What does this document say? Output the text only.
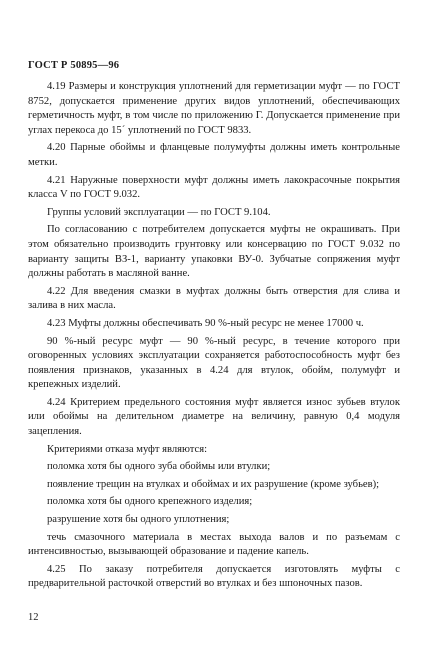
ГОСТ Р 50895—96

4.19 Размеры и конструкция уплотнений для герметизации муфт — по ГОСТ 8752, допускается применение других видов уплотнений, обеспечивающих герметичность муфт, в том числе по приложению Г. Допускается применение при углах перекоса до 15´ уплотнений по ГОСТ 9833.

4.20 Парные обоймы и фланцевые полумуфты должны иметь контрольные метки.

4.21 Наружные поверхности муфт должны иметь лакокрасочные покрытия класса V по ГОСТ 9.032.

Группы условий эксплуатации — по ГОСТ 9.104.

По согласованию с потребителем допускается муфты не окрашивать. При этом обязательно производить грунтовку или консервацию по ГОСТ 9.032 по варианту защиты ВЗ-1, варианту упаковки ВУ-0. Зубчатые сопряжения муфт должны работать в масляной ванне.

4.22 Для введения смазки в муфтах должны быть отверстия для слива и залива в них масла.

4.23 Муфты должны обеспечивать 90 %-ный ресурс не менее 17000 ч.

90 %-ный ресурс муфт — 90 %-ный ресурс, в течение которого при оговоренных условиях эксплуатации сохраняется работоспособность муфт без появления признаков, указанных в 4.24 для втулок, обойм, полумуфт и крепежных изделий.

4.24 Критерием предельного состояния муфт является износ зубьев втулок или обоймы на делительном диаметре на величину, равную 0,4 модуля зацепления.

Критериями отказа муфт являются:

поломка хотя бы одного зуба обоймы или втулки;

появление трещин на втулках и обоймах и их разрушение (кроме зубьев);

поломка хотя бы одного крепежного изделия;

разрушение хотя бы одного уплотнения;

течь смазочного материала в местах выхода валов и по разъемам с интенсивностью, вызывающей образование и падение капель.

4.25 По заказу потребителя допускается изготовлять муфты с предварительной расточкой отверстий во втулках и без шпоночных пазов.

12
